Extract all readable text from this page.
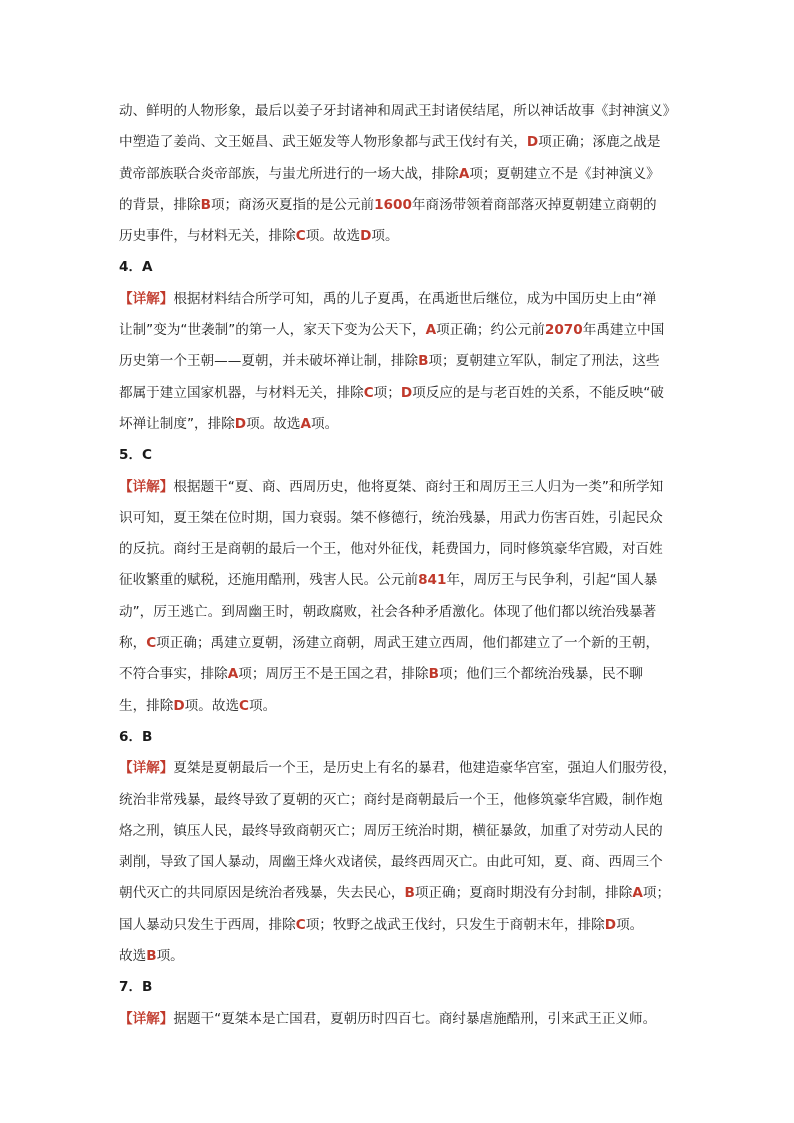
动、鲜明的人物形象，最后以姜子牙封诸神和周武王封诸侯结尾，所以神话故事《封神演义》
中塑造了姜尚、文王姬昌、武王姬发等人物形象都与武王伐纣有关，D项正确；涿鹿之战是
黄帝部族联合炎帝部族，与蚩尤所进行的一场大战，排除A项；夏朝建立不是《封神演义》
的背景，排除B项；商汤灭夏指的是公元前1600年商汤带领着商部落灭掉夏朝建立商朝的
历史事件，与材料无关，排除C项。故选D项。
4．A
【详解】根据材料结合所学可知，禹的儿子夏禹，在禹逝世后继位，成为中国历史上由“禅
让制”变为“世袭制”的第一人，家天下变为公天下，A项正确；约公元前2070年禹建立中国
历史第一个王朝——夏朝，并未破坏禅让制，排除B项；夏朝建立军队，制定了刑法，这些
都属于建立国家机器，与材料无关，排除C项；D项反应的是与老百姓的关系，不能反映“破
坏禅让制度”，排除D项。故选A项。
5．C
【详解】根据题干“夏、商、西周历史，他将夏桀、商纣王和周厉王三人归为一类”和所学知
识可知，夏王桀在位时期，国力衰弱。桀不修德行，统治残暴，用武力伤害百姓，引起民众
的反抗。商纣王是商朝的最后一个王，他对外征伐，耗费国力，同时修筑豪华宫殿，对百姓
征收繁重的赋税，还施用酷刑，残害人民。公元前841年，周厉王与民争利，引起“国人暴
动”，厉王逃亡。到周幽王时，朝政腐败，社会各种矛盾激化。体现了他们都以统治残暴著
称，C项正确；禹建立夏朝，汤建立商朝，周武王建立西周，他们都建立了一个新的王朝，
不符合事实，排除A项；周厉王不是王国之君，排除B项；他们三个都统治残暴，民不聊
生，排除D项。故选C项。
6．B
【详解】夏桀是夏朝最后一个王，是历史上有名的暴君，他建造豪华宫室，强迫人们服劳役，
统治非常残暴，最终导致了夏朝的灭亡；商纣是商朝最后一个王，他修筑豪华宫殿，制作炮
烙之刑，镇压人民，最终导致商朝灭亡；周厉王统治时期，横征暴敛，加重了对劳动人民的
剥削，导致了国人暴动，周幽王烽火戏诸侯，最终西周灭亡。由此可知，夏、商、西周三个
朝代灭亡的共同原因是统治者残暴，失去民心，B项正确；夏商时期没有分封制，排除A项；
国人暴动只发生于西周，排除C项；牧野之战武王伐纣，只发生于商朝末年，排除D项。
故选B项。
7．B
【详解】据题干“夏桀本是亡国君，夏朝历时四百七。商纣暴虐施酷刑，引来武王正义师。
